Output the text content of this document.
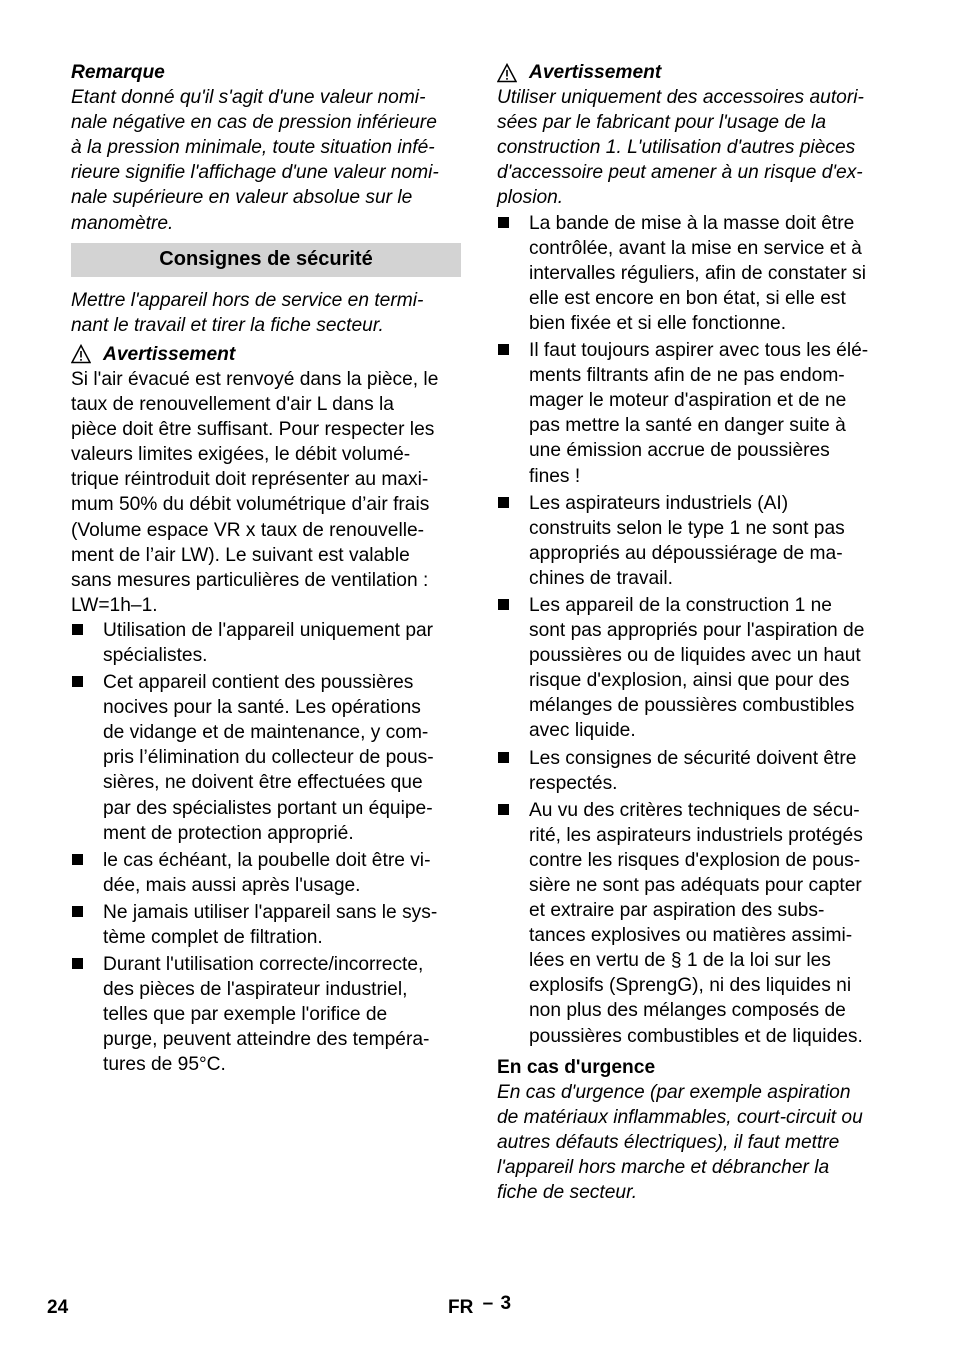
Remarque

Etant donné qu'il s'agit d'une valeur nomi-
nale négative en cas de pression inférieure
à la pression minimale, toute situation infé-
rieure signifie l'affichage d'une valeur nomi-
nale supérieure en valeur absolue sur le
manomètre.
Consignes de sécurité
Mettre l'appareil hors de service en termi-
nant le travail et tirer la fiche secteur.
Avertissement
Si l'air évacué est renvoyé dans la pièce, le
taux de renouvellement d'air L dans la
pièce doit être suffisant. Pour respecter les
valeurs limites exigées, le débit volumé-
trique réintroduit doit représenter au maxi-
mum 50% du débit volumétrique d’air frais
(Volume espace VR x taux de renouvelle-
ment de l’air LW). Le suivant est valable
sans mesures particulières de ventilation :
LW=1h–1.
Utilisation de l'appareil uniquement par
spécialistes.
Cet appareil contient des poussières
nocives pour la santé. Les opérations
de vidange et de maintenance, y com-
pris l’élimination du collecteur de pous-
sières, ne doivent être effectuées que
par des spécialistes portant un équipe-
ment de protection approprié.
le cas échéant, la poubelle doit être vi-
dée, mais aussi après l'usage.
Ne jamais utiliser l'appareil sans le sys-
tème complet de filtration.
Durant l'utilisation correcte/incorrecte,
des pièces de l'aspirateur industriel,
telles que par exemple l'orifice de
purge, peuvent atteindre des tempéra-
tures de 95°C.
Avertissement
Utiliser uniquement des accessoires autori-
sées par le fabricant pour l'usage de la
construction 1. L'utilisation d'autres pièces
d'accessoire peut amener à un risque d'ex-
plosion.
La bande de mise à la masse doit être
contrôlée, avant la mise en service et à
intervalles réguliers, afin de constater si
elle est encore en bon état, si elle est
bien fixée et si elle fonctionne.
Il faut toujours aspirer avec tous les élé-
ments filtrants afin de ne pas endom-
mager le moteur d'aspiration et de ne
pas mettre la santé en danger suite à
une émission accrue de poussières
fines !
Les aspirateurs industriels (AI)
construits selon le type 1 ne sont pas
appropriés au dépoussiérage de ma-
chines de travail.
Les appareil de la construction 1 ne
sont pas appropriés pour l'aspiration de
poussières ou de liquides avec un haut
risque d'explosion, ainsi que pour des
mélanges de poussières combustibles
avec liquide.
Les consignes de sécurité doivent être
respectés.
Au vu des critères techniques de sécu-
rité, les aspirateurs industriels protégés
contre les risques d'explosion de pous-
sière ne sont pas adéquats pour capter
et extraire par aspiration des subs-
tances explosives ou matières assimi-
lées en vertu de § 1 de la loi sur les
explosifs (SprengG), ni des liquides ni
non plus des mélanges composés de
poussières combustibles et de liquides.

En cas d'urgence

En cas d'urgence (par exemple aspiration
de matériaux inflammables, court-circuit ou
autres défauts électriques), il faut mettre
l'appareil hors marche et débrancher la
fiche de secteur.
24	FR – 3
